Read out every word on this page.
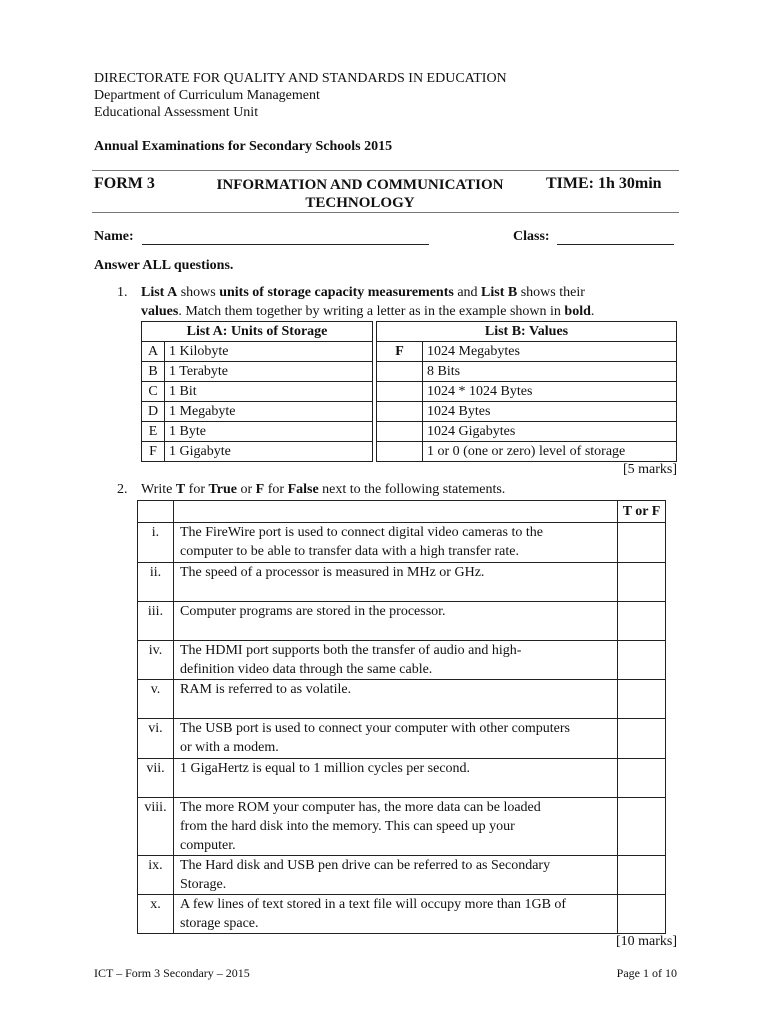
DIRECTORATE FOR QUALITY AND STANDARDS IN EDUCATION
Department of Curriculum Management
Educational Assessment Unit
Annual Examinations for Secondary Schools 2015
FORM 3	INFORMATION AND COMMUNICATION
TECHNOLOGY
TIME: 1h 30min
Name:	Class:
Answer ALL questions.
1. List A shows units of storage capacity measurements and List B shows their
values. Match them together by writing a letter as in the example shown in bold.
List A: Units of Storage			List B: Values	
A	1 Kilobyte		F	1024 Megabytes
B	1 Terabyte			8 Bits
C	1 Bit			1024 * 1024 Bytes
D	1 Megabyte			1024 Bytes
E	1 Byte			1024 Gigabytes
F	1 Gigabyte			1 or 0 (one or zero) level of storage
[5 marks]
2. Write T for True or F for False next to the following statements.
		T or F
i.	The FireWire port is used to connect digital video cameras to the
computer to be able to transfer data with a high transfer rate.	

ii.	The speed of a processor is measured in MHz or GHz.	

iii.	Computer programs are stored in the processor.	

iv.	The HDMI port supports both the transfer of audio and high-
definition video data through the same cable.	

v.	RAM is referred to as volatile.	

vi.	The USB port is used to connect your computer with other computers
or with a modem.	

vii.	1 GigaHertz is equal to 1 million cycles per second.	

viii.	The more ROM your computer has, the more data can be loaded
from the hard disk into the memory. This can speed up your
computer.	

ix.	The Hard disk and USB pen drive can be referred to as Secondary
Storage.	

x.	A few lines of text stored in a text file will occupy more than 1GB of
storage space.	

[10 marks]
ICT – Form 3 Secondary – 2015	Page 1 of 10
